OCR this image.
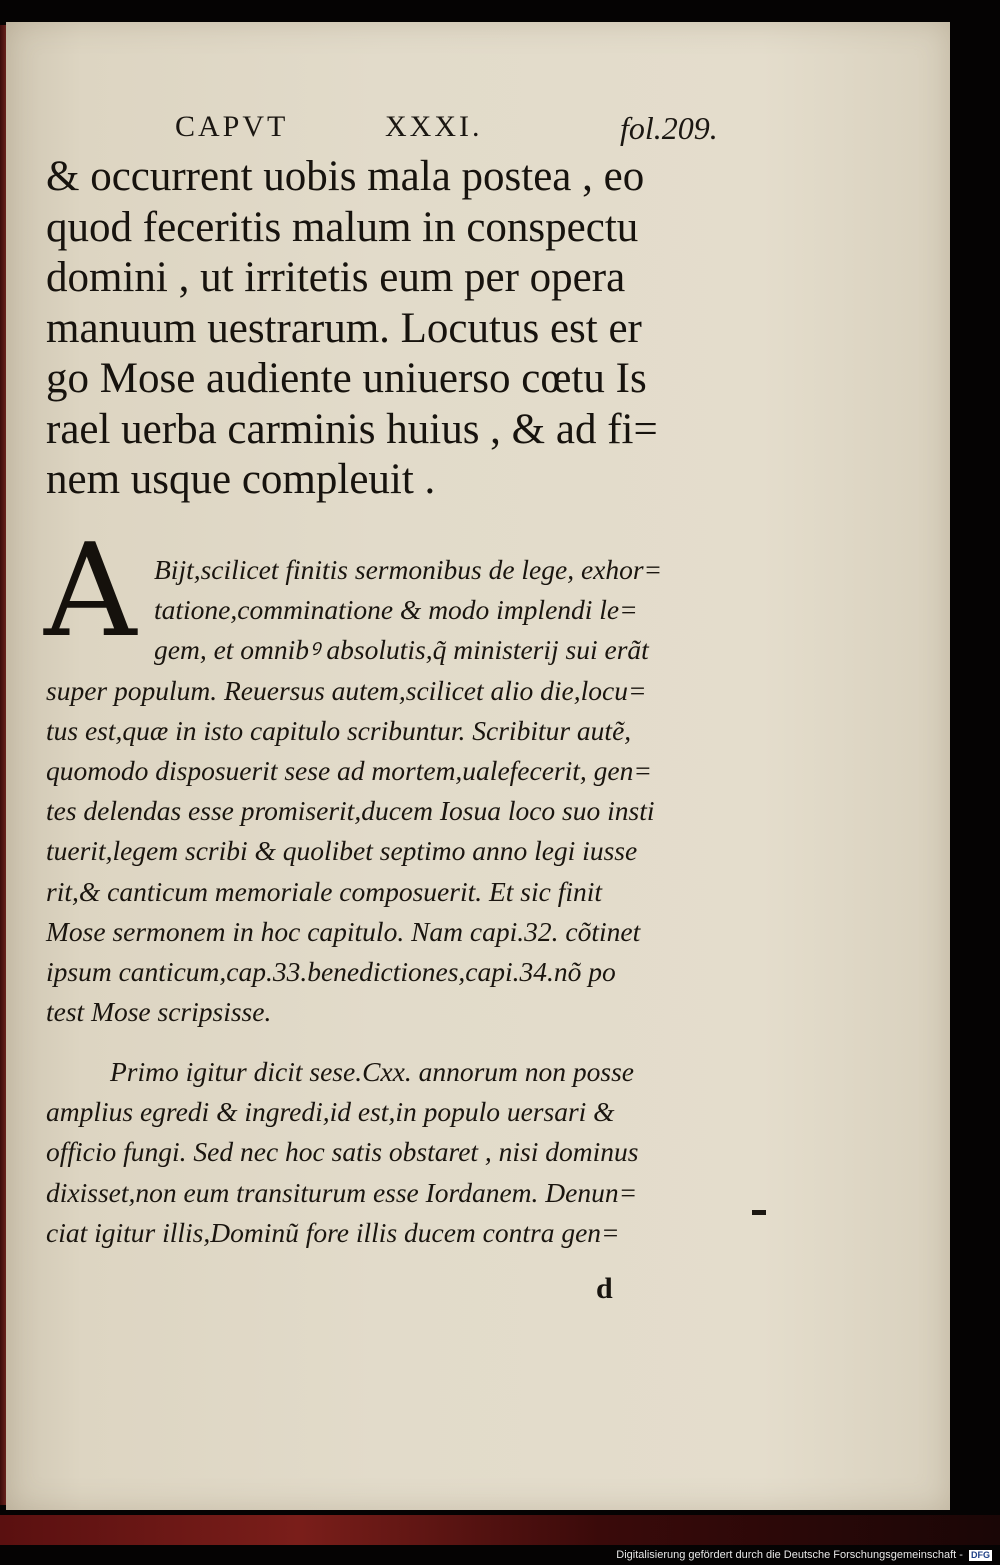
CAPVT	XXXI.	fol.209.
& occurrent uobis mala postea , eo
quod feceritis malum in conspectu
domini , ut irritetis eum per opera
manuum uestrarum. Locutus est er
go Mose audiente uniuerso cœtu Is
rael uerba carminis huius , & ad fi=
nem usque compleuit .
A Bijt,scilicet finitis sermonibus de lege, exhor=
tatione,comminatione & modo implendi le=
gem, et omnibꝰ absolutis,q̃ ministerij sui erãt
super populum. Reuersus autem,scilicet alio die,locu=
tus est,quæ in isto capitulo scribuntur. Scribitur autẽ,
quomodo disposuerit sese ad mortem,ualefecerit, gen=
tes delendas esse promiserit,ducem Iosua loco suo insti
tuerit,legem scribi & quolibet septimo anno legi iusse
rit,& canticum memoriale composuerit. Et sic finit
Mose sermonem in hoc capitulo. Nam capi.32. cõtinet
ipsum canticum,cap.33.benedictiones,capi.34.nõ po
test Mose scripsisse.
Primo igitur dicit sese.Cxx. annorum non posse
amplius egredi & ingredi,id est,in populo uersari &
officio fungi. Sed nec hoc satis obstaret , nisi dominus
dixisset,non eum transiturum esse Iordanem. Denun=
ciat igitur illis,Dominũ fore illis ducem contra gen=
d
Digitalisierung gefördert durch die Deutsche Forschungsgemeinschaft - DFG
